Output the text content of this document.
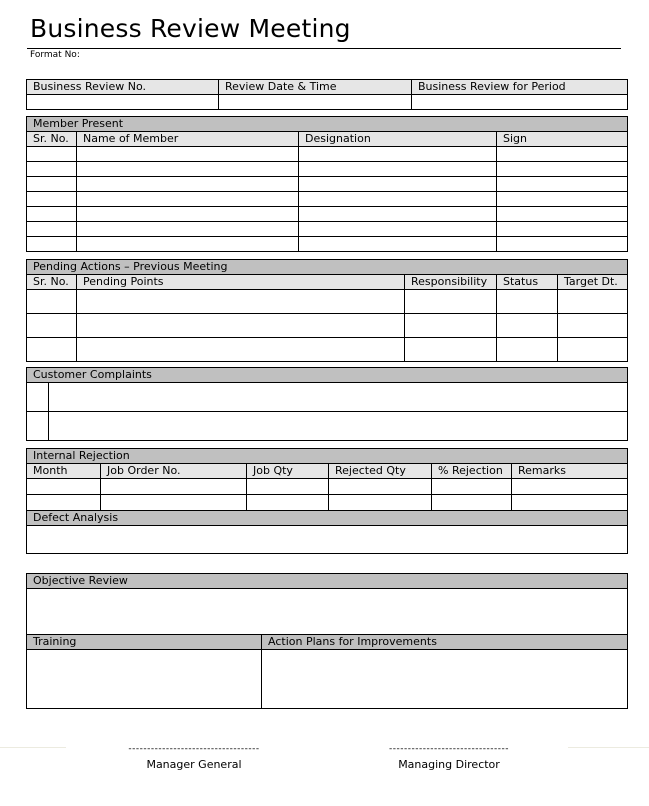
Business Review Meeting
Format No:
Business Review No.	Review Date & Time	Business Review for Period

Member Present			
Sr. No.	Name of Member	Designation	Sign

Pending Actions – Previous Meeting				
Sr. No.	Pending Points	Responsibility	Status	Target Dt.

Customer Complaints	

Internal Rejection					
Month	Job Order No.	Job Qty	Rejected Qty	% Rejection	Remarks

Defect Analysis					

Objective Review	

Training	Action Plans for Improvements

-----------------------------------
Manager General
--------------------------------
Managing Director
